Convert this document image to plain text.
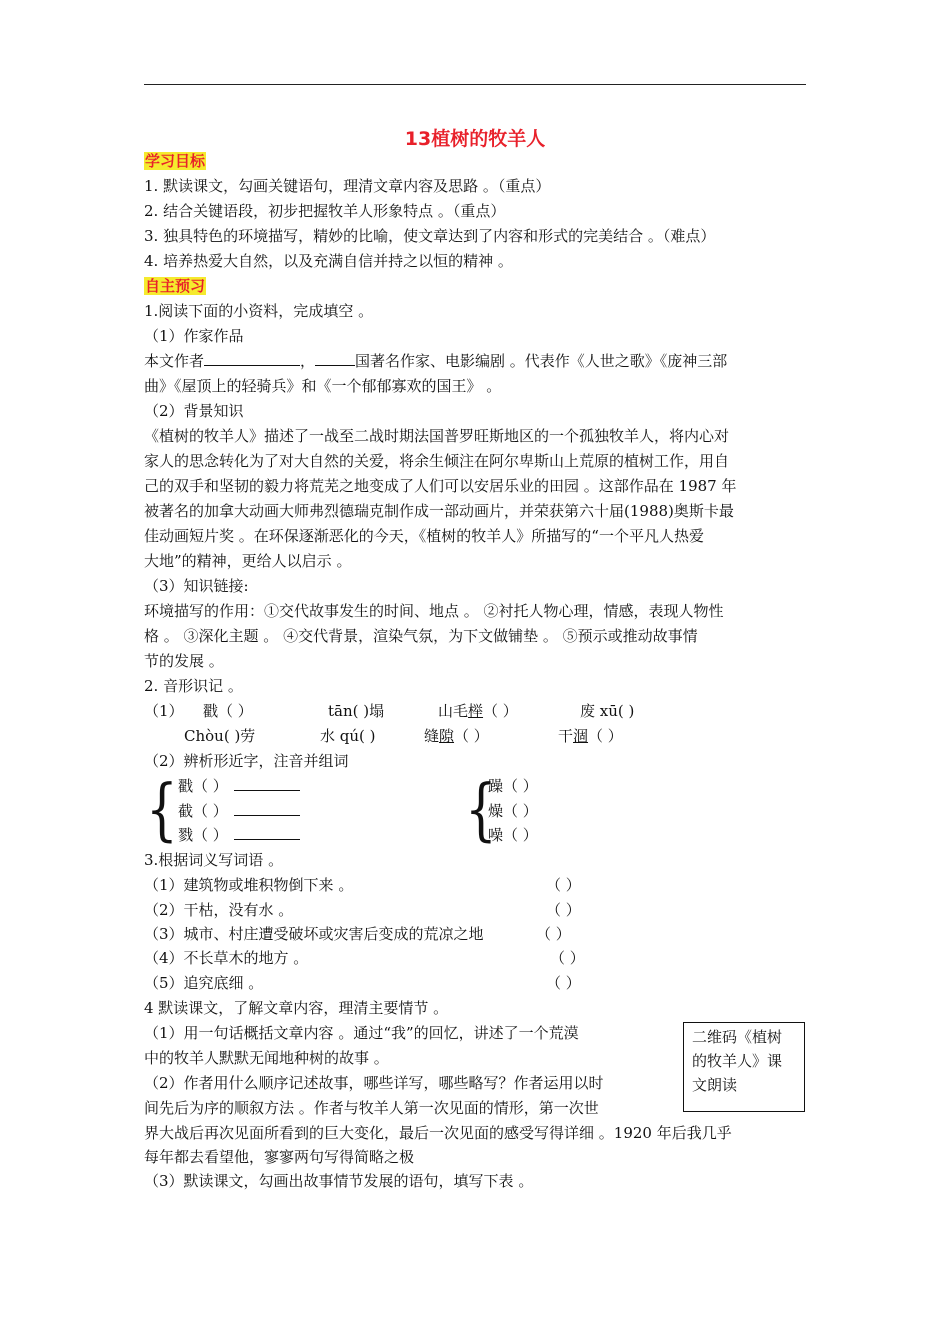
13植树的牧羊人
学习目标
1. 默读课文，勾画关键语句，理清文章内容及思路 。（重点）
2. 结合关键语段，初步把握牧羊人形象特点 。（重点）
3. 独具特色的环境描写，精妙的比喻，使文章达到了内容和形式的完美结合 。（难点）
4. 培养热爱大自然，以及充满自信并持之以恒的精神 。
自主预习
1.阅读下面的小资料，完成填空 。
（1）作家作品
本文作者	，	国著名作家、电影编剧 。代表作《人世之歌》《庞神三部
曲》《屋顶上的轻骑兵》和《一个郁郁寡欢的国王》 。
（2）背景知识
《植树的牧羊人》描述了一战至二战时期法国普罗旺斯地区的一个孤独牧羊人，将内心对
家人的思念转化为了对大自然的关爱，将余生倾注在阿尔卑斯山上荒原的植树工作，用自
己的双手和坚韧的毅力将荒芜之地变成了人们可以安居乐业的田园 。这部作品在 1987 年
被著名的加拿大动画大师弗烈德瑞克制作成一部动画片，并荣获第六十届(1988)奥斯卡最
佳动画短片奖 。在环保逐渐恶化的今天，《植树的牧羊人》所描写的“一个平凡人热爱
大地”的精神，更给人以启示 。
（3）知识链接:
环境描写的作用：①交代故事发生的时间、地点 。 ②衬托人物心理，情感，表现人物性
格 。 ③深化主题 。 ④交代背景，渲染气氛，为下文做铺垫 。 ⑤预示或推动故事情
节的发展 。
2. 音形识记 。
（1） 戳（ ）	tān( )塌	山毛榉（ ）	废 xū( )
Chòu( )劳	水 qú( )	缝隙（ ）	干涸（ ）
（2）辨析形近字，注音并组词
{ 戳（ ）
截（ ）
戮（ ）	{
躁（ ）
燥（ ）
噪（ ）
3.根据词义写词语 。
（1）建筑物或堆积物倒下来 。	（ ）
（2）干枯，没有水 。	（ ）
（3）城市、村庄遭受破坏或灾害后变成的荒凉之地	（ ）
（4）不长草木的地方 。	（ ）
（5）追究底细 。	（ ）
4 默读课文，了解文章内容，理清主要情节 。
（1）用一句话概括文章内容 。通过“我”的回忆，讲述了一个荒漠
中的牧羊人默默无闻地种树的故事 。
（2）作者用什么顺序记述故事，哪些详写，哪些略写？作者运用以时
间先后为序的顺叙方法 。作者与牧羊人第一次见面的情形，第一次世
界大战后再次见面所看到的巨大变化，最后一次见面的感受写得详细 。1920 年后我几乎
每年都去看望他，寥寥两句写得简略之极
（3）默读课文，勾画出故事情节发展的语句，填写下表 。
二维码《植树的牧羊人》课文朗读
